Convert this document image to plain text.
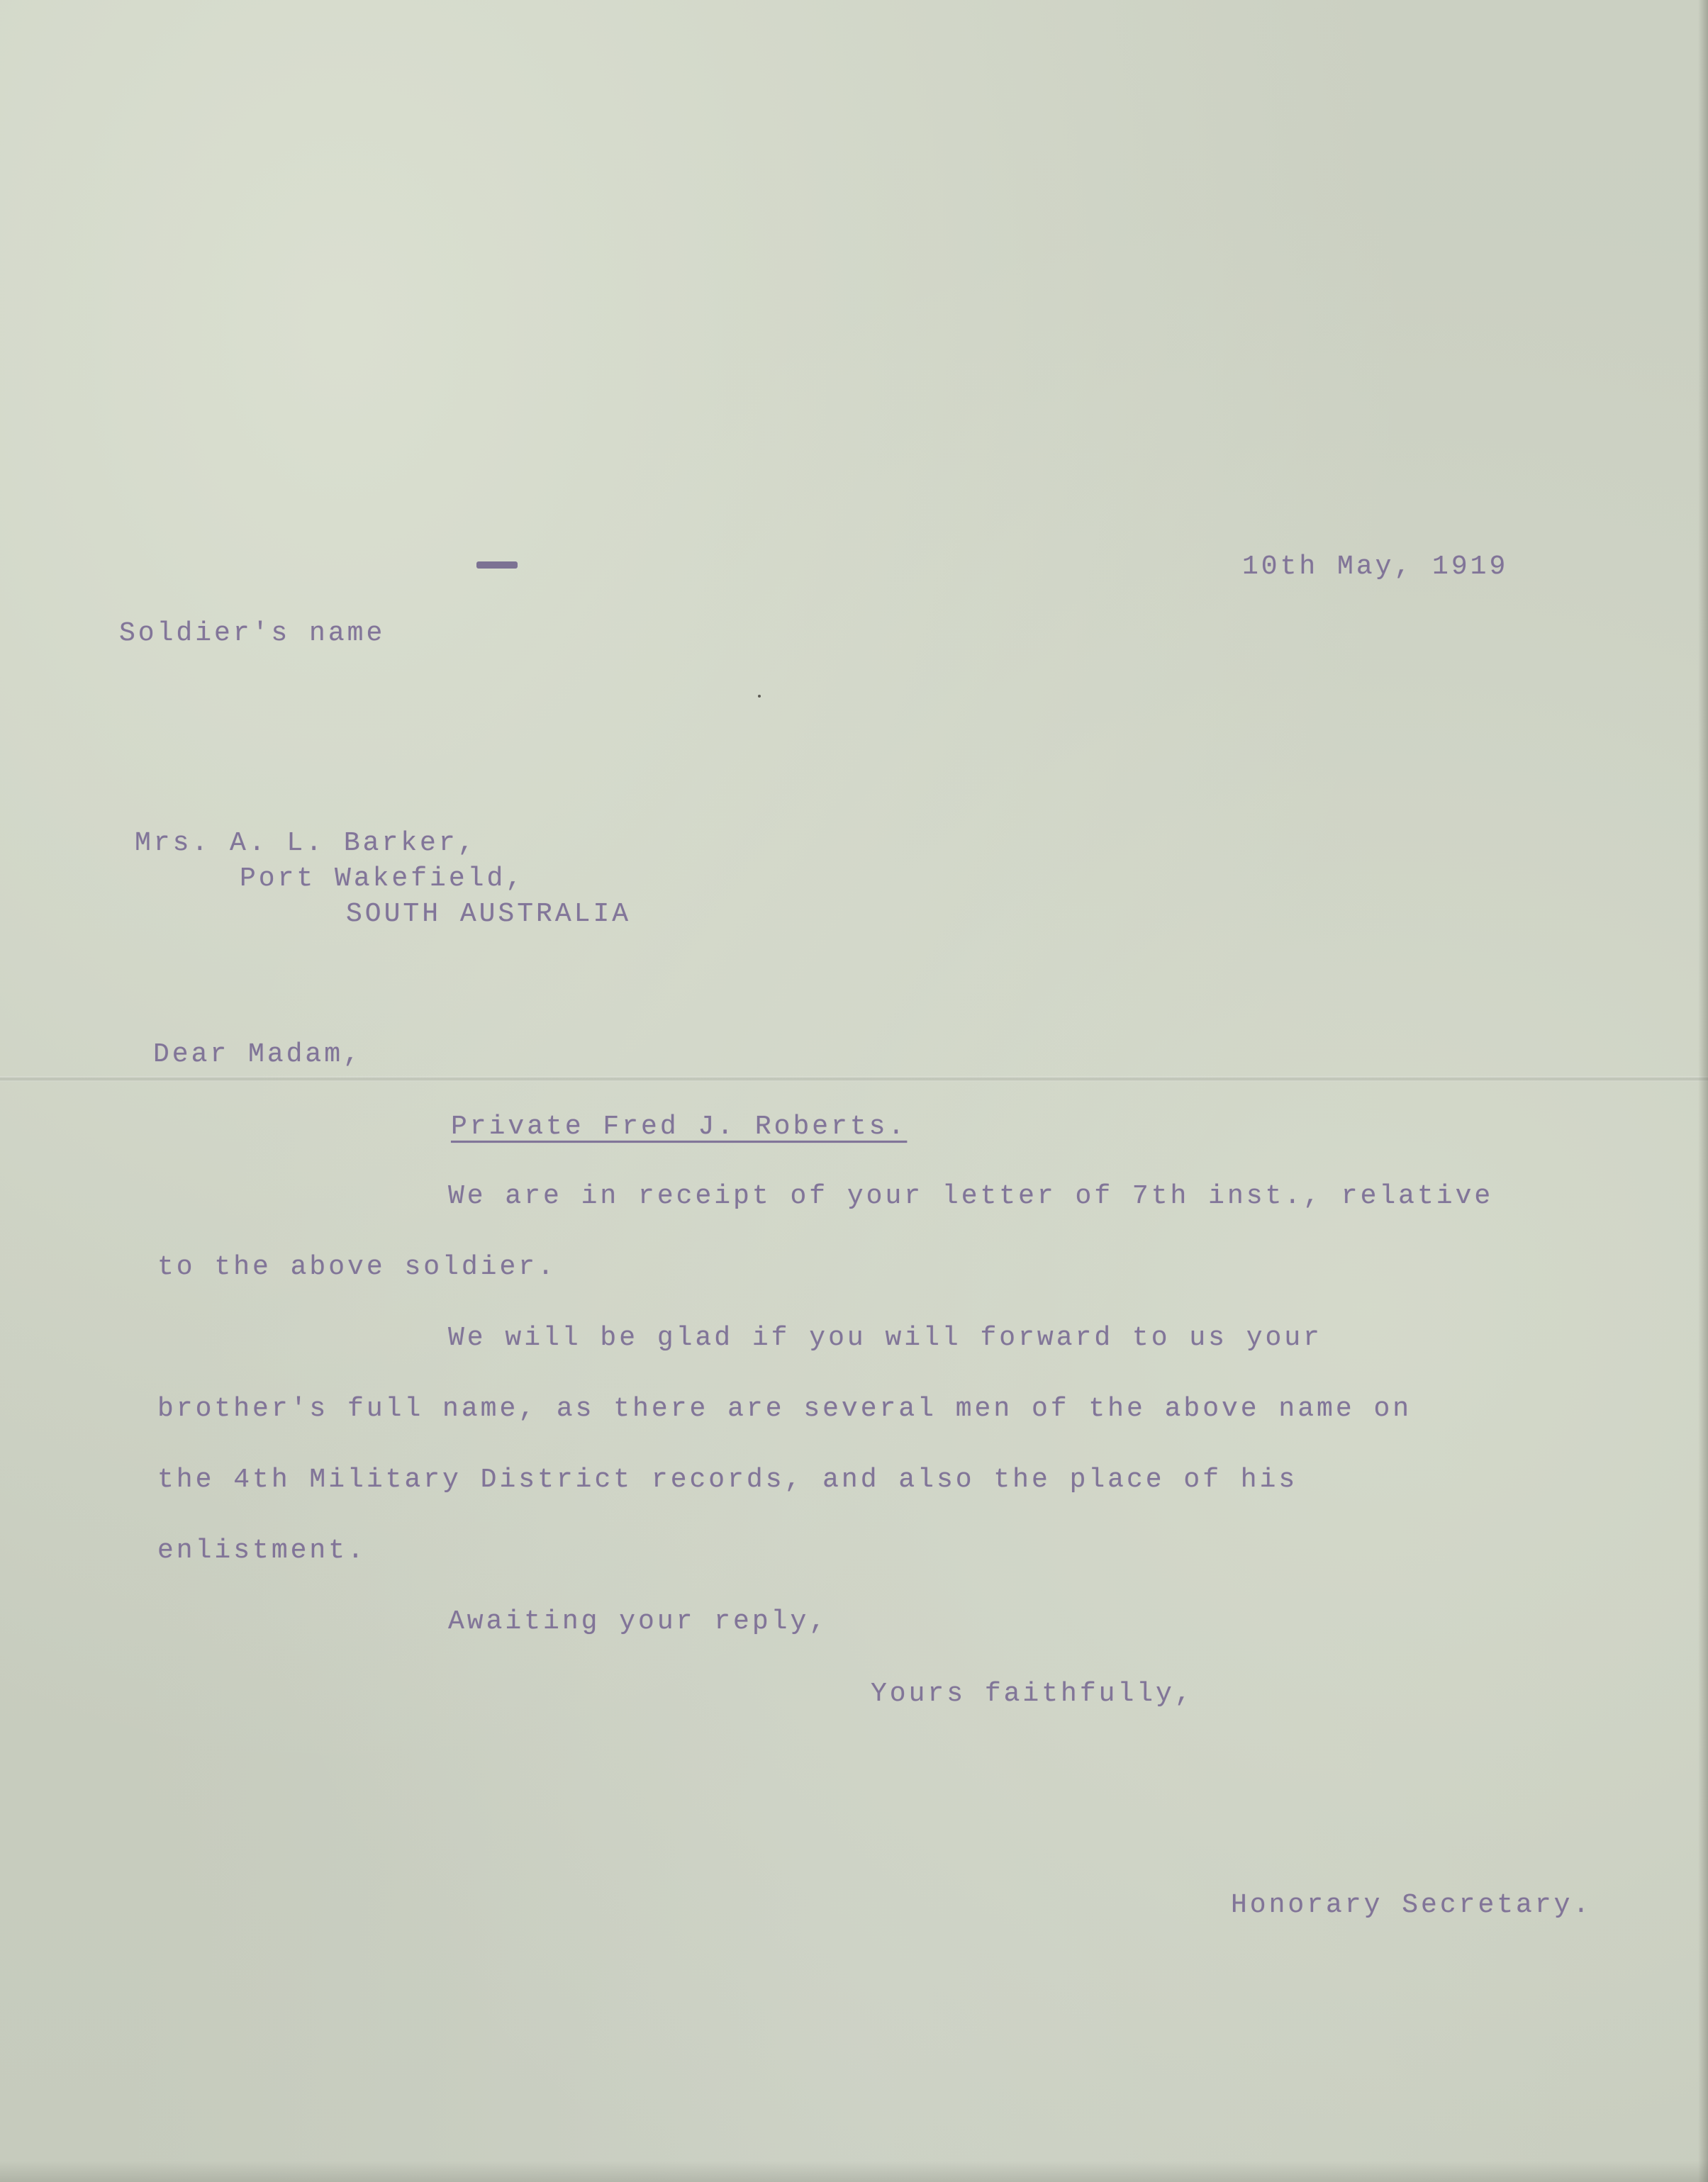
10th May, 1919
Soldier's name
Mrs. A. L. Barker,
Port Wakefield,
SOUTH AUSTRALIA
Dear Madam,
Private Fred J. Roberts.
We are in receipt of your letter of 7th inst., relative
to the above soldier.
We will be glad if you will forward to us your
brother's full name, as there are several men of the above name on
the 4th Military District records, and also the place of his
enlistment.
Awaiting your reply,
Yours faithfully,
Honorary Secretary.
